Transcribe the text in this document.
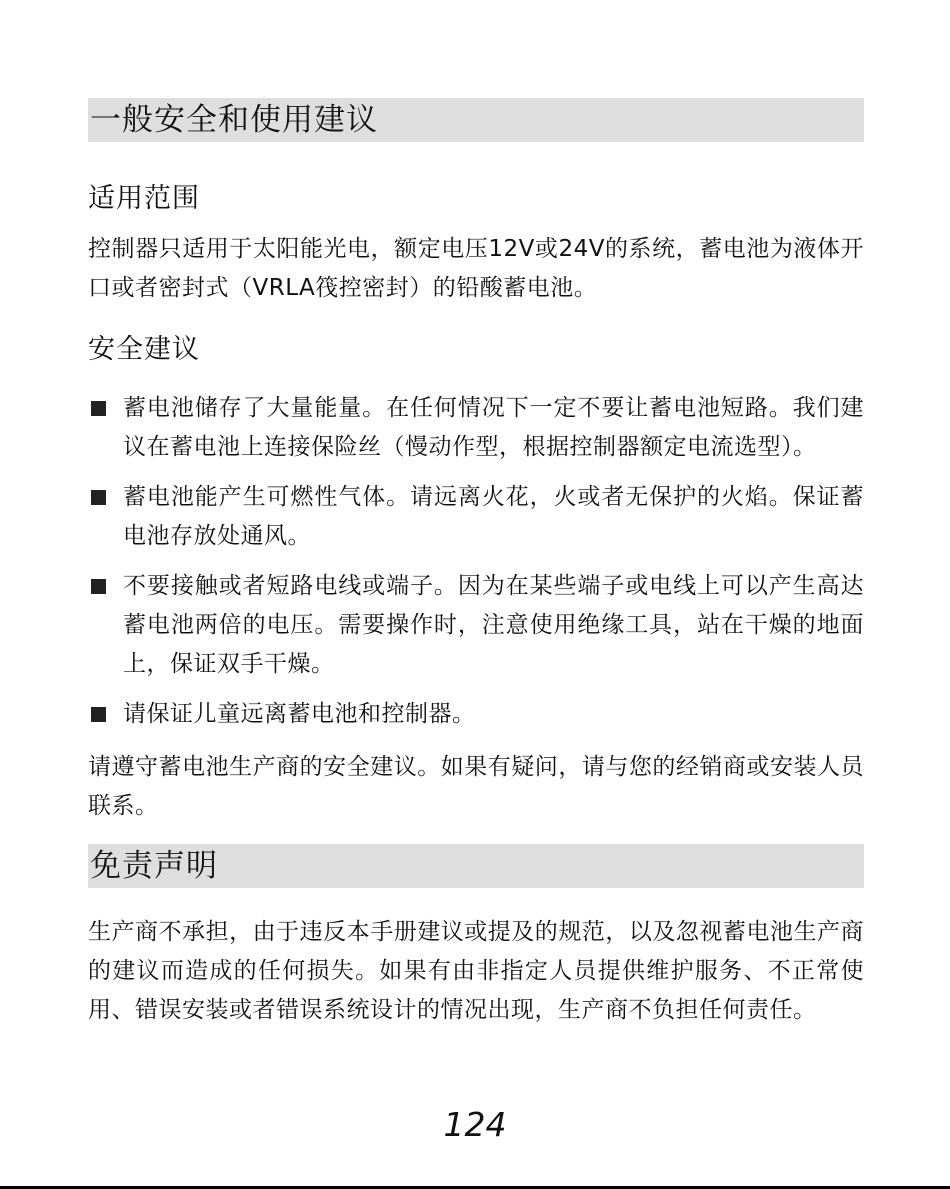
一般安全和使用建议
适用范围
控制器只适用于太阳能光电，额定电压12V或24V的系统，蓄电池为液体开口或者密封式（VRLA筏控密封）的铅酸蓄电池。
安全建议
蓄电池储存了大量能量。在任何情况下一定不要让蓄电池短路。我们建议在蓄电池上连接保险丝（慢动作型，根据控制器额定电流选型）。
蓄电池能产生可燃性气体。请远离火花，火或者无保护的火焰。保证蓄电池存放处通风。
不要接触或者短路电线或端子。因为在某些端子或电线上可以产生高达蓄电池两倍的电压。需要操作时，注意使用绝缘工具，站在干燥的地面上，保证双手干燥。
请保证儿童远离蓄电池和控制器。
请遵守蓄电池生产商的安全建议。如果有疑问，请与您的经销商或安装人员联系。
免责声明
生产商不承担，由于违反本手册建议或提及的规范，以及忽视蓄电池生产商的建议而造成的任何损失。如果有由非指定人员提供维护服务、不正常使用、错误安装或者错误系统设计的情况出现，生产商不负担任何责任。
124
